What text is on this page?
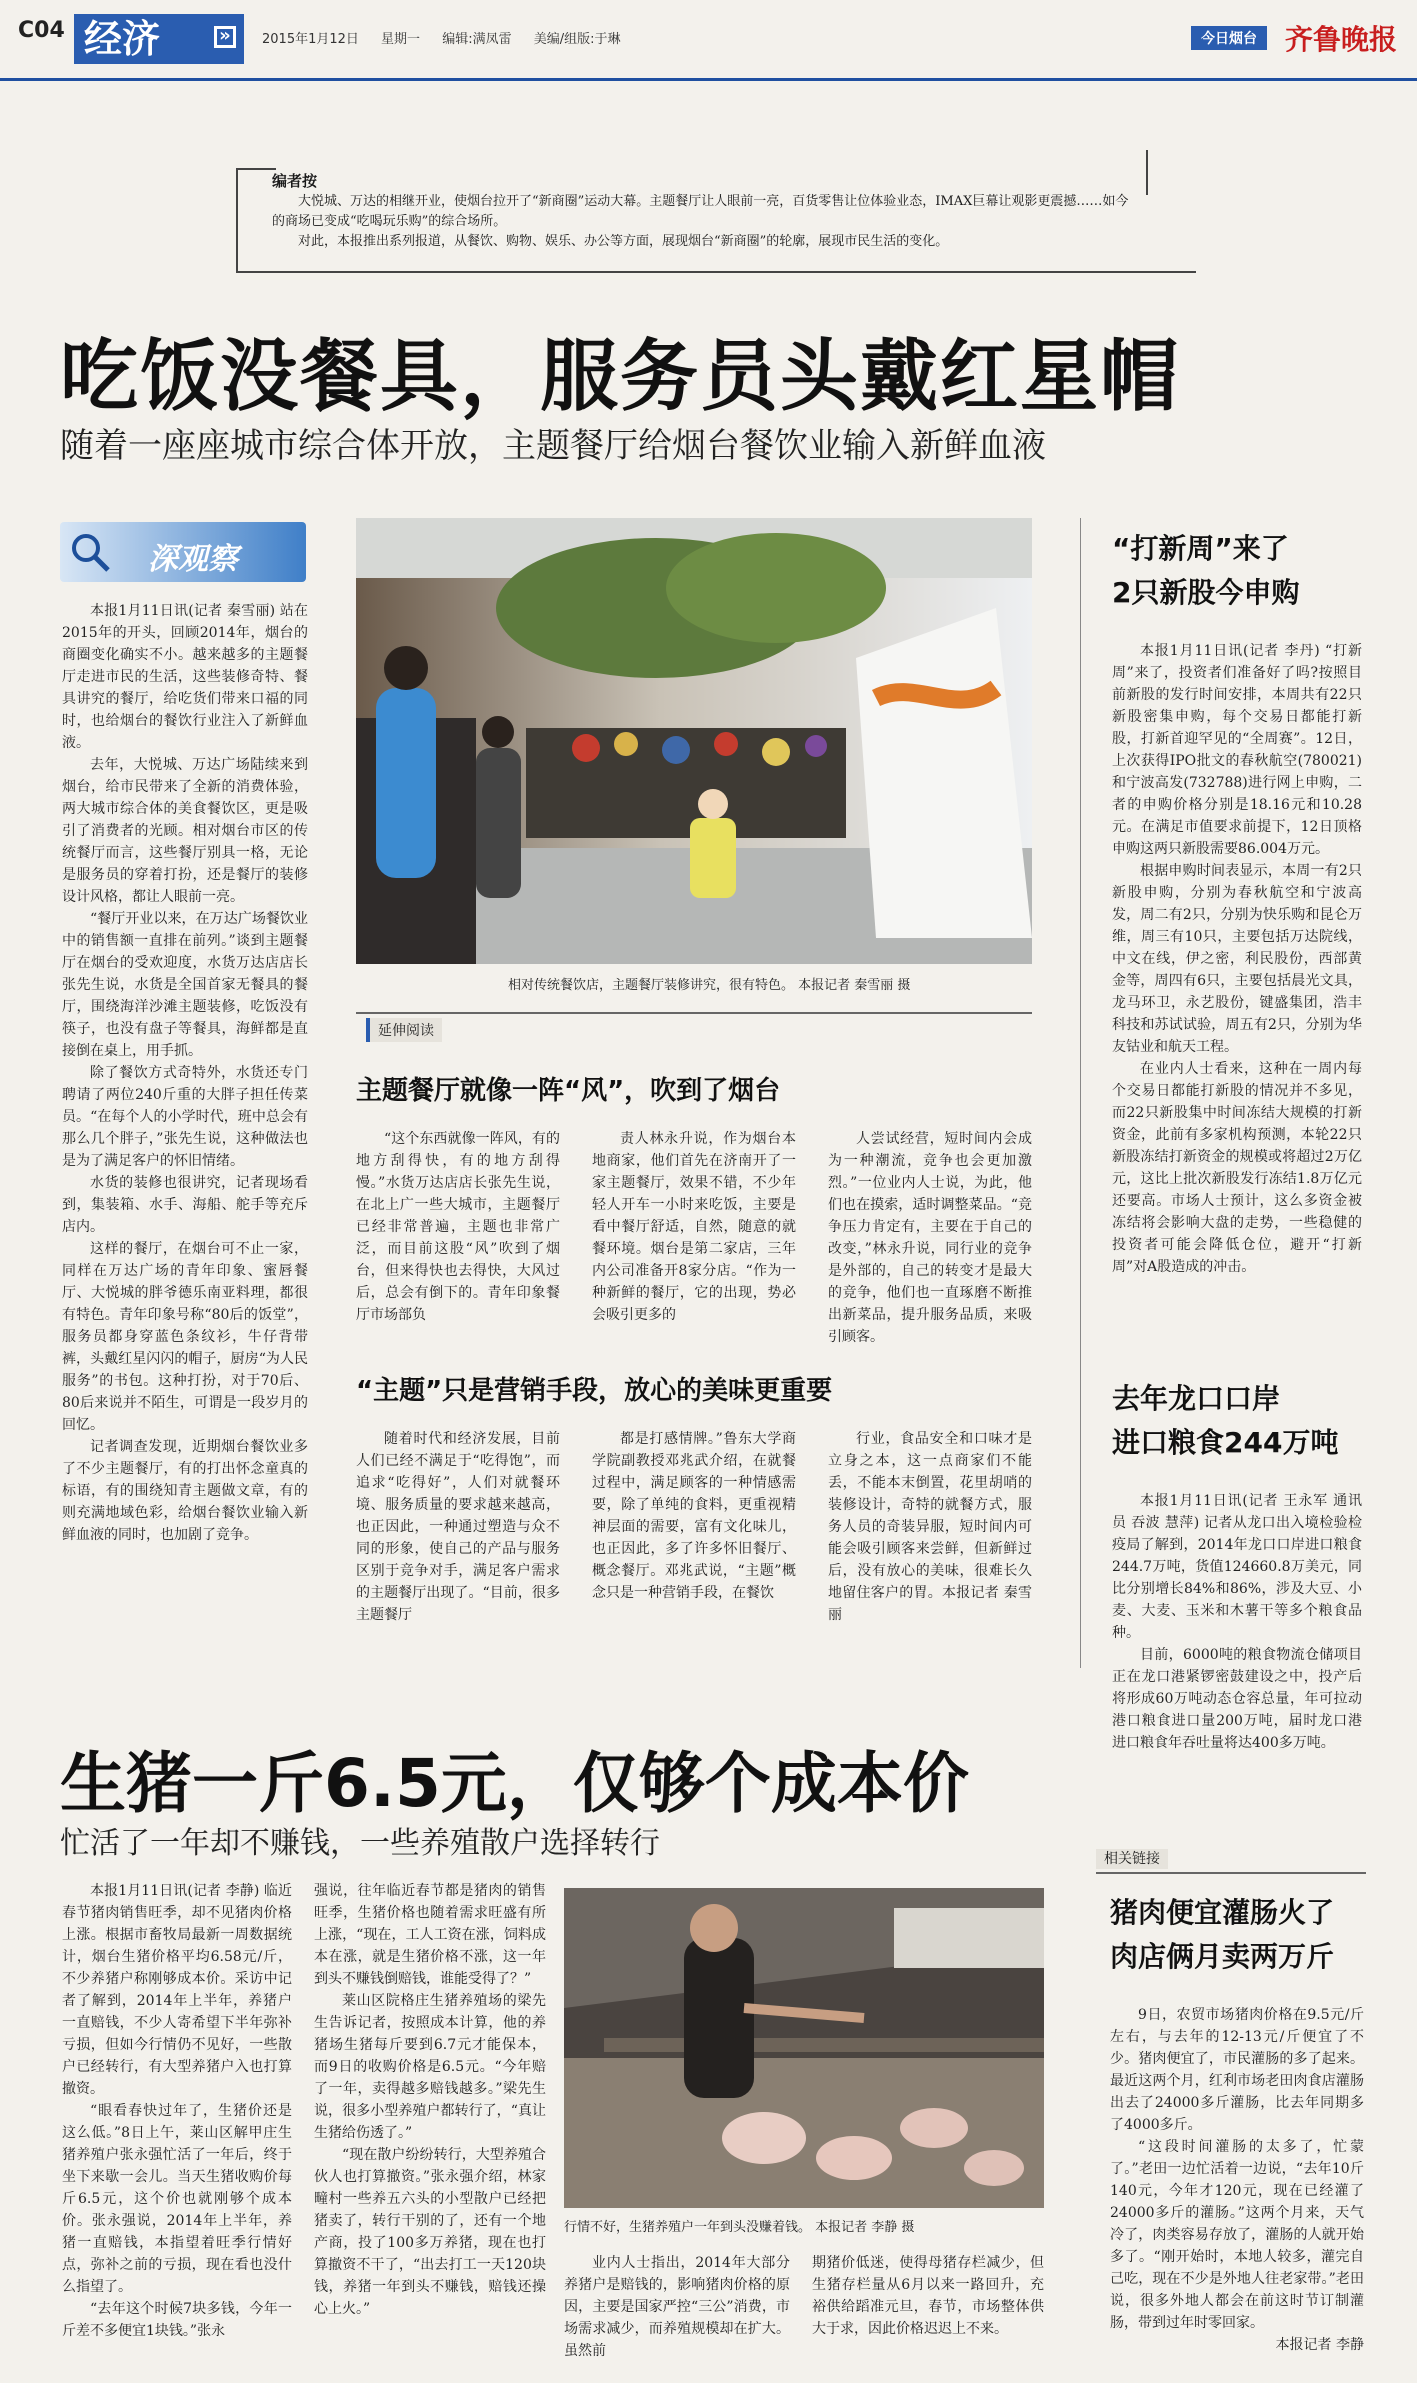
C04 经济	»	2015年1月12日 星期一 编辑:满凤雷 美编/组版:于琳	今日烟台 齐鲁晚报
编者按
大悦城、万达的相继开业，使烟台拉开了“新商圈”运动大幕。主题餐厅让人眼前一亮，百货零售让位体验业态，IMAX巨幕让观影更震撼……如今的商场已变成“吃喝玩乐购”的综合场所。
对此，本报推出系列报道，从餐饮、购物、娱乐、办公等方面，展现烟台“新商圈”的轮廓，展现市民生活的变化。
吃饭没餐具，服务员头戴红星帽
随着一座座城市综合体开放，主题餐厅给烟台餐饮业输入新鲜血液
深观察

本报1月11日讯(记者 秦雪丽) 站在2015年的开头，回顾2014年，烟台的商圈变化确实不小。越来越多的主题餐厅走进市民的生活，这些装修奇特、餐具讲究的餐厅，给吃货们带来口福的同时，也给烟台的餐饮行业注入了新鲜血液。

去年，大悦城、万达广场陆续来到烟台，给市民带来了全新的消费体验，两大城市综合体的美食餐饮区，更是吸引了消费者的光顾。相对烟台市区的传统餐厅而言，这些餐厅别具一格，无论是服务员的穿着打扮，还是餐厅的装修设计风格，都让人眼前一亮。

“餐厅开业以来，在万达广场餐饮业中的销售额一直排在前列。”谈到主题餐厅在烟台的受欢迎度，水货万达店店长张先生说，水货是全国首家无餐具的餐厅，围绕海洋沙滩主题装修，吃饭没有筷子，也没有盘子等餐具，海鲜都是直接倒在桌上，用手抓。

除了餐饮方式奇特外，水货还专门聘请了两位240斤重的大胖子担任传菜员。“在每个人的小学时代，班中总会有那么几个胖子，”张先生说，这种做法也是为了满足客户的怀旧情绪。

水货的装修也很讲究，记者现场看到，集装箱、水手、海船、舵手等充斥店内。

这样的餐厅，在烟台可不止一家，同样在万达广场的青年印象、蜜唇餐厅、大悦城的胖爷德乐南亚料理，都很有特色。青年印象号称“80后的饭堂”，服务员都身穿蓝色条纹衫，牛仔背带裤，头戴红星闪闪的帽子，厨房“为人民服务”的书包。这种打扮，对于70后、80后来说并不陌生，可谓是一段岁月的回忆。

记者调查发现，近期烟台餐饮业多了不少主题餐厅，有的打出怀念童真的标语，有的围绕知青主题做文章，有的则充满地域色彩，给烟台餐饮业输入新鲜血液的同时，也加剧了竞争。

相对传统餐饮店，主题餐厅装修讲究，很有特色。 本报记者 秦雪丽 摄
延伸阅读
主题餐厅就像一阵“风”，吹到了烟台
“这个东西就像一阵风，有的地方刮得快，有的地方刮得慢。”水货万达店店长张先生说，在北上广一些大城市，主题餐厅已经非常普遍，主题也非常广泛，而目前这股“风”吹到了烟台，但来得快也去得快，大风过后，总会有倒下的。青年印象餐厅市场部负
责人林永升说，作为烟台本地商家，他们首先在济南开了一家主题餐厅，效果不错，不少年轻人开车一小时来吃饭，主要是看中餐厅舒适，自然，随意的就餐环境。烟台是第二家店，三年内公司准备开8家分店。“作为一种新鲜的餐厅，它的出现，势必会吸引更多的
人尝试经营，短时间内会成为一种潮流，竞争也会更加激烈。”一位业内人士说，为此，他们也在摸索，适时调整菜品。“竞争压力肯定有，主要在于自己的改变，”林永升说，同行业的竞争是外部的，自己的转变才是最大的竞争，他们也一直琢磨不断推出新菜品，提升服务品质，来吸引顾客。
“主题”只是营销手段，放心的美味更重要
随着时代和经济发展，目前人们已经不满足于“吃得饱”，而追求“吃得好”，人们对就餐环境、服务质量的要求越来越高，也正因此，一种通过塑造与众不同的形象，使自己的产品与服务区别于竞争对手，满足客户需求的主题餐厅出现了。“目前，很多主题餐厅
都是打感情牌。”鲁东大学商学院副教授邓兆武介绍，在就餐过程中，满足顾客的一种情感需要，除了单纯的食料，更重视精神层面的需要，富有文化味儿，也正因此，多了许多怀旧餐厅、概念餐厅。邓兆武说，“主题”概念只是一种营销手段，在餐饮
行业，食品安全和口味才是立身之本，这一点商家们不能丢，不能本末倒置，花里胡哨的装修设计，奇特的就餐方式，服务人员的奇装异服，短时间内可能会吸引顾客来尝鲜，但新鲜过后，没有放心的美味，很难长久地留住客户的胃。本报记者 秦雪丽
“打新周”来了
2只新股今申购

本报1月11日讯(记者 李丹) “打新周”来了，投资者们准备好了吗?按照目前新股的发行时间安排，本周共有22只新股密集申购，每个交易日都能打新股，打新首迎罕见的“全周赛”。12日，上次获得IPO批文的春秋航空(780021)和宁波高发(732788)进行网上申购，二者的申购价格分别是18.16元和10.28元。在满足市值要求前提下，12日顶格申购这两只新股需要86.004万元。

根据申购时间表显示，本周一有2只新股申购，分别为春秋航空和宁波高发，周二有2只，分别为快乐购和昆仑万维，周三有10只，主要包括万达院线，中文在线，伊之密，利民股份，西部黄金等，周四有6只，主要包括晨光文具，龙马环卫，永艺股份，键盛集团，浩丰科技和苏试试验，周五有2只，分别为华友钴业和航天工程。

在业内人士看来，这种在一周内每个交易日都能打新股的情况并不多见，而22只新股集中时间冻结大规模的打新资金，此前有多家机构预测，本轮22只新股冻结打新资金的规模或将超过2万亿元，这比上批次新股发行冻结1.8万亿元还要高。市场人士预计，这么多资金被冻结将会影响大盘的走势，一些稳健的投资者可能会降低仓位，避开“打新周”对A股造成的冲击。

去年龙口口岸
进口粮食244万吨

本报1月11日讯(记者 王永军 通讯员 吞波 慧萍) 记者从龙口出入境检验检疫局了解到，2014年龙口口岸进口粮食244.7万吨，货值124660.8万美元，同比分别增长84%和86%，涉及大豆、小麦、大麦、玉米和木薯干等多个粮食品种。

目前，6000吨的粮食物流仓储项目正在龙口港紧锣密鼓建设之中，投产后将形成60万吨动态仓容总量，年可拉动港口粮食进口量200万吨，届时龙口港进口粮食年吞吐量将达400多万吨。

生猪一斤6.5元，仅够个成本价
忙活了一年却不赚钱，一些养殖散户选择转行

本报1月11日讯(记者 李静) 临近春节猪肉销售旺季，却不见猪肉价格上涨。根据市畜牧局最新一周数据统计，烟台生猪价格平均6.58元/斤，不少养猪户称刚够成本价。采访中记者了解到，2014年上半年，养猪户一直赔钱，不少人寄希望下半年弥补亏损，但如今行情仍不见好，一些散户已经转行，有大型养猪户入也打算撤资。

“眼看春快过年了，生猪价还是这么低。”8日上午，莱山区解甲庄生猪养殖户张永强忙活了一年后，终于坐下来歇一会儿。当天生猪收购价每斤6.5元，这个价也就刚够个成本价。张永强说，2014年上半年，养猪一直赔钱，本指望着旺季行情好点，弥补之前的亏损，现在看也没什么指望了。

“去年这个时候7块多钱，今年一斤差不多便宜1块钱。”张永

强说，往年临近春节都是猪肉的销售旺季，生猪价格也随着需求旺盛有所上涨，“现在，工人工资在涨，饲料成本在涨，就是生猪价格不涨，这一年到头不赚钱倒赔钱，谁能受得了？”

莱山区院格庄生猪养殖场的梁先生告诉记者，按照成本计算，他的养猪场生猪每斤要到6.7元才能保本，而9日的收购价格是6.5元。“今年赔了一年，卖得越多赔钱越多。”梁先生说，很多小型养殖户都转行了，“真让生猪给伤透了。”

“现在散户纷纷转行，大型养殖合伙人也打算撤资。”张永强介绍，林家疃村一些养五六头的小型散户已经把猪卖了，转行干别的了，还有一个地产商，投了100多万养猪，现在也打算撤资不干了，“出去打工一天120块钱，养猪一年到头不赚钱，赔钱还操心上火。”

行情不好，生猪养殖户一年到头没赚着钱。 本报记者 李静 摄
业内人士指出，2014年大部分养猪户是赔钱的，影响猪肉价格的原因，主要是国家严控“三公”消费，市场需求减少，而养殖规模却在扩大。虽然前
期猪价低迷，使得母猪存栏减少，但生猪存栏量从6月以来一路回升，充裕供给蹈准元旦，春节，市场整体供大于求，因此价格迟迟上不来。
相关链接
猪肉便宜灌肠火了
肉店俩月卖两万斤

9日，农贸市场猪肉价格在9.5元/斤左右，与去年的12-13元/斤便宜了不少。猪肉便宜了，市民灌肠的多了起来。最近这两个月，红利市场老田肉食店灌肠出去了24000多斤灌肠，比去年同期多了4000多斤。

“这段时间灌肠的太多了，忙蒙了。”老田一边忙活着一边说，“去年10斤140元，今年才120元，现在已经灌了24000多斤的灌肠。”这两个月来，天气冷了，肉类容易存放了，灌肠的人就开始多了。“刚开始时，本地人较多，灌完自己吃，现在不少是外地人往老家带。”老田说，很多外地人都会在前这时节订制灌肠，带到过年时零回家。

本报记者 李静
